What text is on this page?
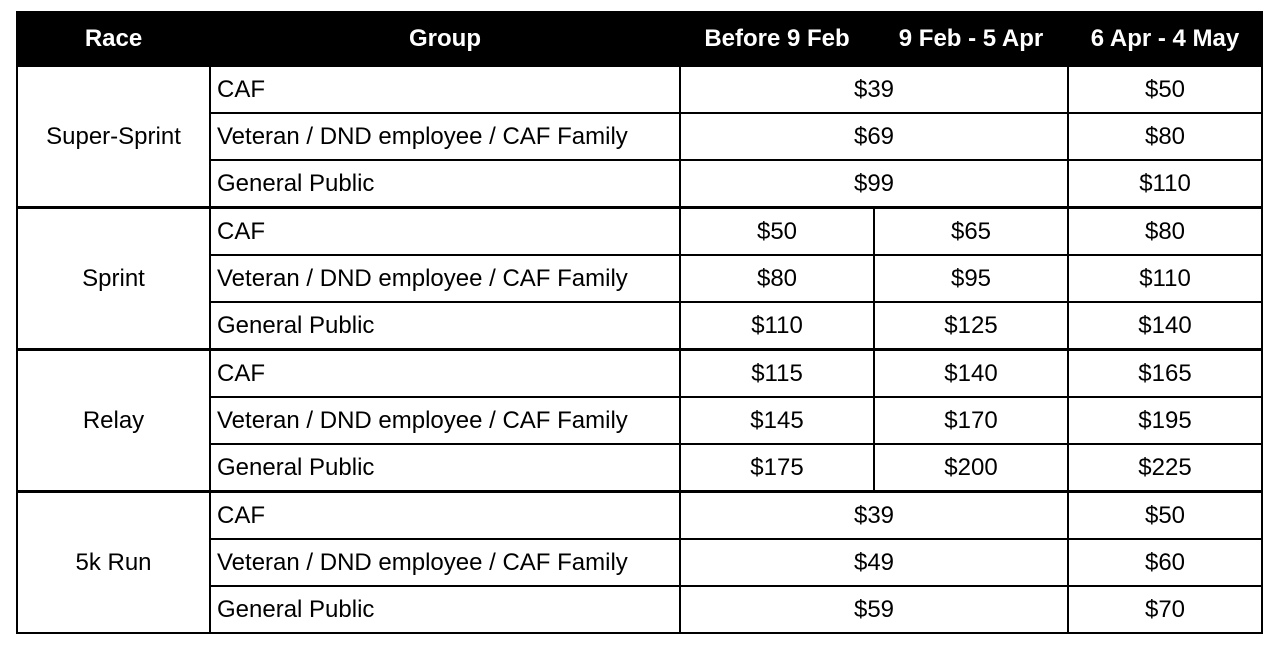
Race	Group	Before 9 Feb	9 Feb - 5 Apr	6 Apr - 4 May
Super-Sprint	CAF	$39		$50
	Veteran / DND employee / CAF Family	$69		$80
	General Public	$99		$110
Sprint	CAF	$50	$65	$80
	Veteran / DND employee / CAF Family	$80	$95	$110
	General Public	$110	$125	$140
Relay	CAF	$115	$140	$165
	Veteran / DND employee / CAF Family	$145	$170	$195
	General Public	$175	$200	$225
5k Run	CAF	$39		$50
	Veteran / DND employee / CAF Family	$49		$60
	General Public	$59		$70
